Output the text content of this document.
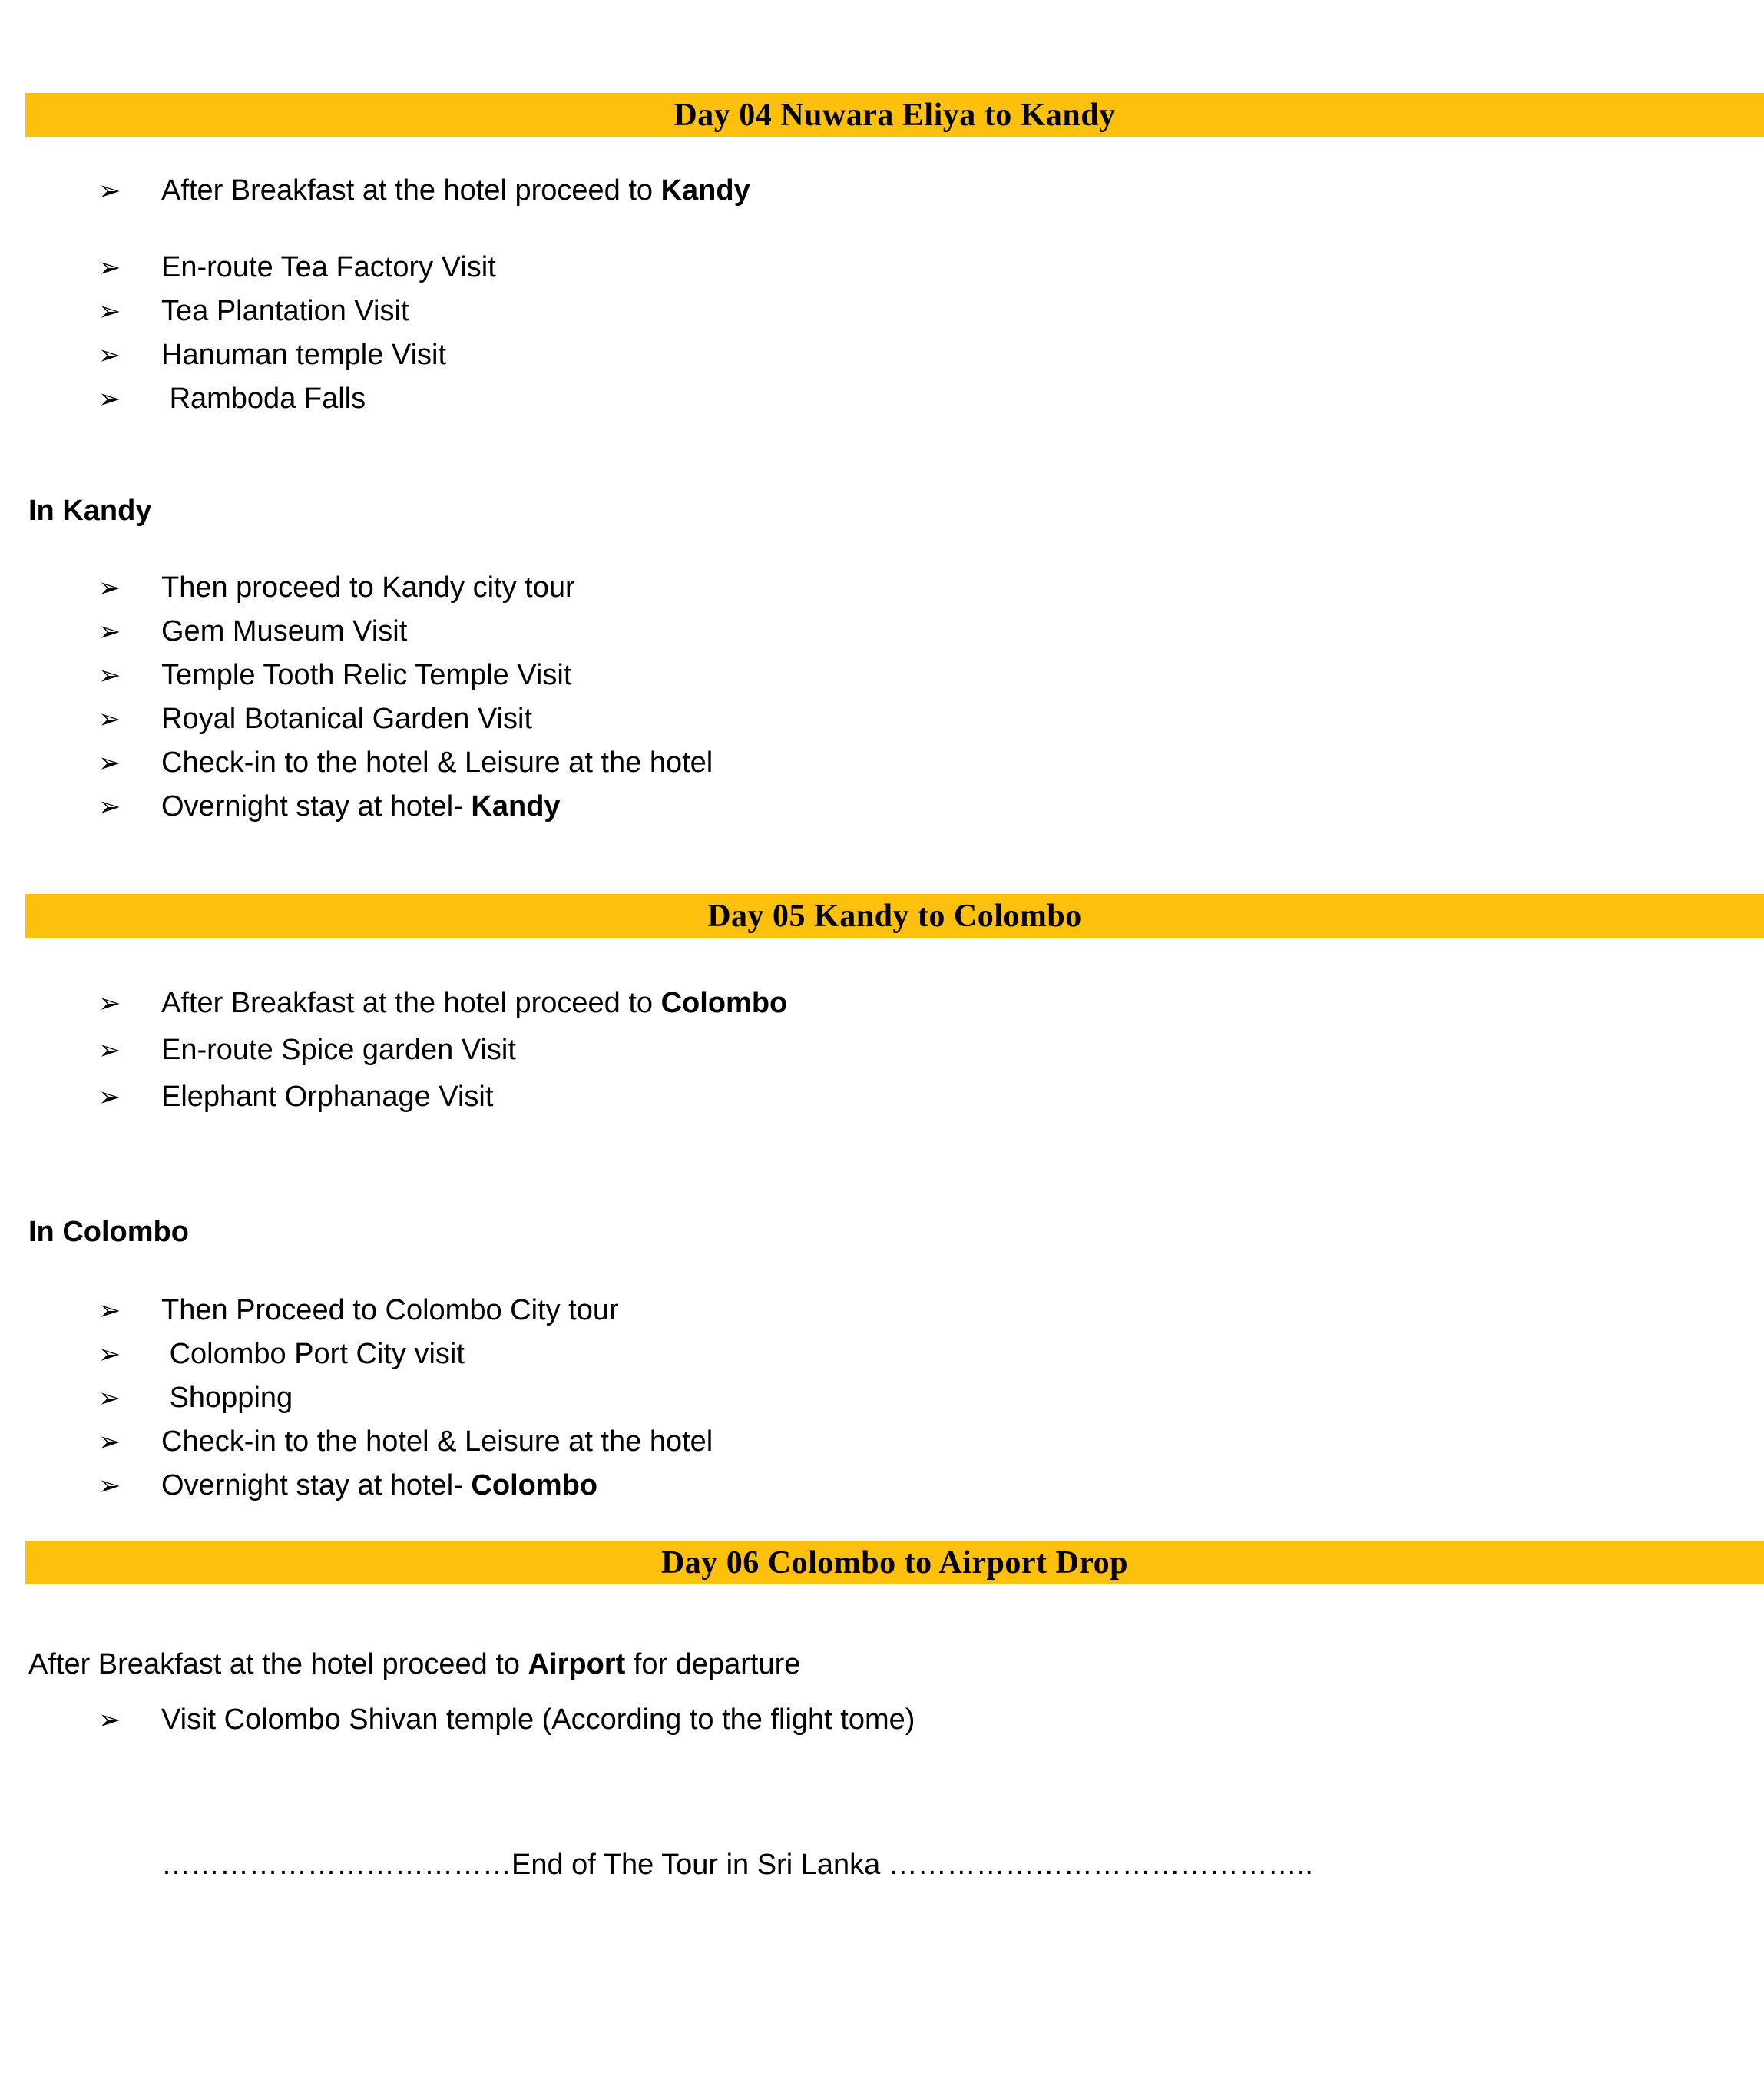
Day 04 Nuwara Eliya to Kandy
➢	After Breakfast at the hotel proceed to Kandy
➢	En-route Tea Factory Visit
➢	Tea Plantation Visit
➢	Hanuman temple Visit
➢	Ramboda Falls
In Kandy
➢	Then proceed to Kandy city tour
➢	Gem Museum Visit
➢	Temple Tooth Relic Temple Visit
➢	Royal Botanical Garden Visit
➢	Check-in to the hotel & Leisure at the hotel
➢	Overnight stay at hotel- Kandy
Day 05 Kandy to Colombo
➢	After Breakfast at the hotel proceed to Colombo
➢	En-route Spice garden Visit
➢	Elephant Orphanage Visit
In Colombo
➢	Then Proceed to Colombo City tour
➢	Colombo Port City visit
➢	Shopping
➢	Check-in to the hotel & Leisure at the hotel
➢	Overnight stay at hotel- Colombo
Day 06 Colombo to Airport Drop
After Breakfast at the hotel proceed to Airport for departure
➢	Visit Colombo Shivan temple (According to the flight tome)
………………………………End of The Tour in Sri Lanka ……………………………………..
